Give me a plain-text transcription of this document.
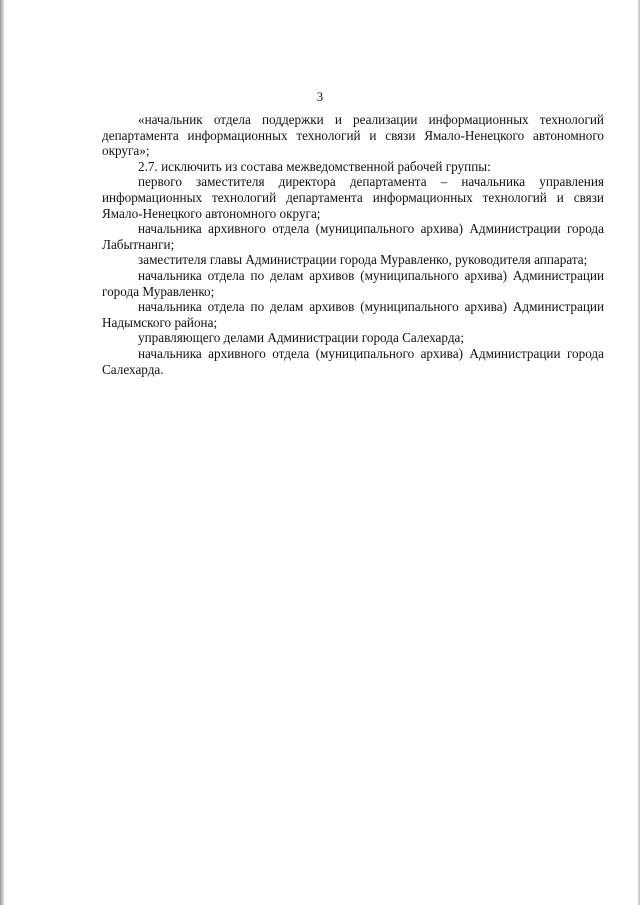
3

«начальник отдела поддержки и реализации информационных технологий департамента информационных технологий и связи Ямало-Ненецкого автономного округа»;

2.7. исключить из состава межведомственной рабочей группы:

первого заместителя директора департамента – начальника управления информационных технологий департамента информационных технологий и связи Ямало-Ненецкого автономного округа;

начальника архивного отдела (муниципального архива) Администрации города Лабытнанги;

заместителя главы Администрации города Муравленко, руководителя аппарата;

начальника отдела по делам архивов (муниципального архива) Администрации города Муравленко;

начальника отдела по делам архивов (муниципального архива) Администрации Надымского района;

управляющего делами Администрации города Салехарда;

начальника архивного отдела (муниципального архива) Администрации города Салехарда.
